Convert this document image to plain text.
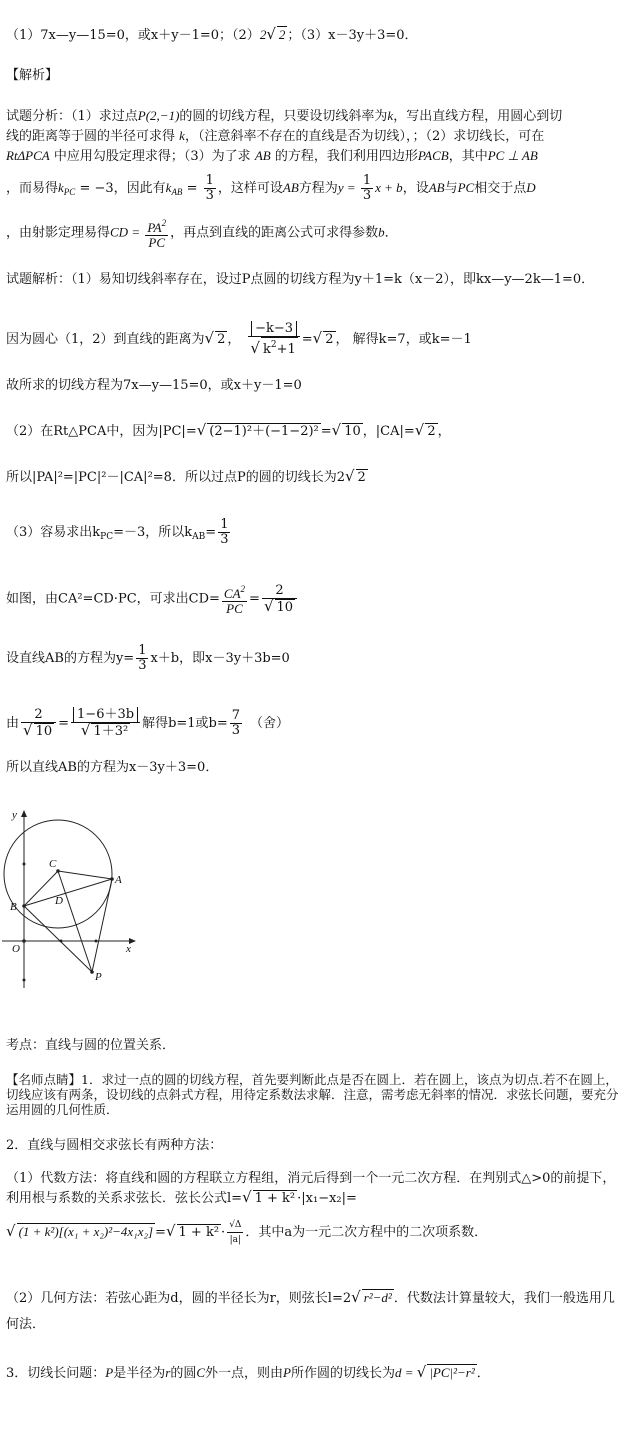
（1）7x—y—15=0，或x＋y－1=0；（2）2√ 2 ；（3）x－3y＋3=0．
【解析】
试题分析：（1）求过点P(2,−1)的圆的切线方程，只要设切线斜率为k，写出直线方程，用圆心到切
线的距离等于圆的半径可求得 k，（注意斜率不存在的直线是否为切线），；（2）求切线长，可在
RtΔPCA 中应用勾股定理求得；（3）为了求 AB 的方程，我们利用四边形PACB，其中PC ⊥ AB
，而易得$k_{PC} = -3$，因此有$k_{AB} = \frac{1}{3}$ ，这样可设AB方程为$y = \frac{1}{3}$ x + b，设AB与PC相交于点D
，由射影定理易得CD = $\frac{PA^2}{PC}$ ，再点到直线的距离公式可求得参数b．
试题解析：（1）易知切线斜率存在，设过P点圆的切线方程为y＋1=k（x－2），即kx—y—2k—1=0．
因为圆心（1，2）到直线的距离为√ 2 ， $\frac{-k-3}{√ k^2+1}$ =√ 2 ， 解得k=7，或k=－1
故所求的切线方程为7x—y—15=0，或x＋y－1=0
（2）在Rt△PCA中，因为|PC|=√ (2−1)²＋(−1−2)² =√ 10 ，|CA|=√ 2 ，
所以|PA|²=|PC|²－|CA|²=8．所以过点P的圆的切线长为2√ 2
（3）容易求出$k_{PC}=-3$，所以$k_{AB}= \frac{1}{3}$
如图，由CA²=CD·PC，可求出$CD= \frac{CA^2}{PC} = \frac{2}{√ 10}$
设直线AB的方程为$y= \frac{1}{3} x+b$，即x－3y＋3b=0
由 $\frac{2}{√ 10} = \frac{1-6+3b}{\text{√ 1＋3²}}$ 解得b=1或$b= \frac{7}{3}$ （舍）
所以直线AB的方程为x－3y＋3=0．
y
x
O
A
B
C
D
P
考点：直线与圆的位置关系．
【名师点睛】1．求过一点的圆的切线方程，首先要判断此点是否在圆上．若在圆上，该点为切点.若不在圆上，切线应该有两条，设切线的点斜式方程，用待定系数法求解．注意，需考虑无斜率的情况．求弦长问题，要充分运用圆的几何性质．
2．直线与圆相交求弦长有两种方法：
（1）代数方法：将直线和圆的方程联立方程组，消元后得到一个一元二次方程．在判别式△>0的前提下，利用根与系数的关系求弦长．弦长公式l=√ 1 + k² ·|x₁−x₂|=
√ (1 + k²)[(x₁ + x₂)²−4x₁x₂] =√ $1 + k^2 \cdot \frac{√\Delta}{|a|}$ ．其中a为一元二次方程中的二次项系数．
（2）几何方法：若弦心距为d，圆的半径长为r，则弦长l=2√ r²−d² ．代数法计算量较大，我们一般选用几何法．
3．切线长问题：P是半径为r的圆C外一点，则由P所作圆的切线长为d = √ |PC|²−r² ．
